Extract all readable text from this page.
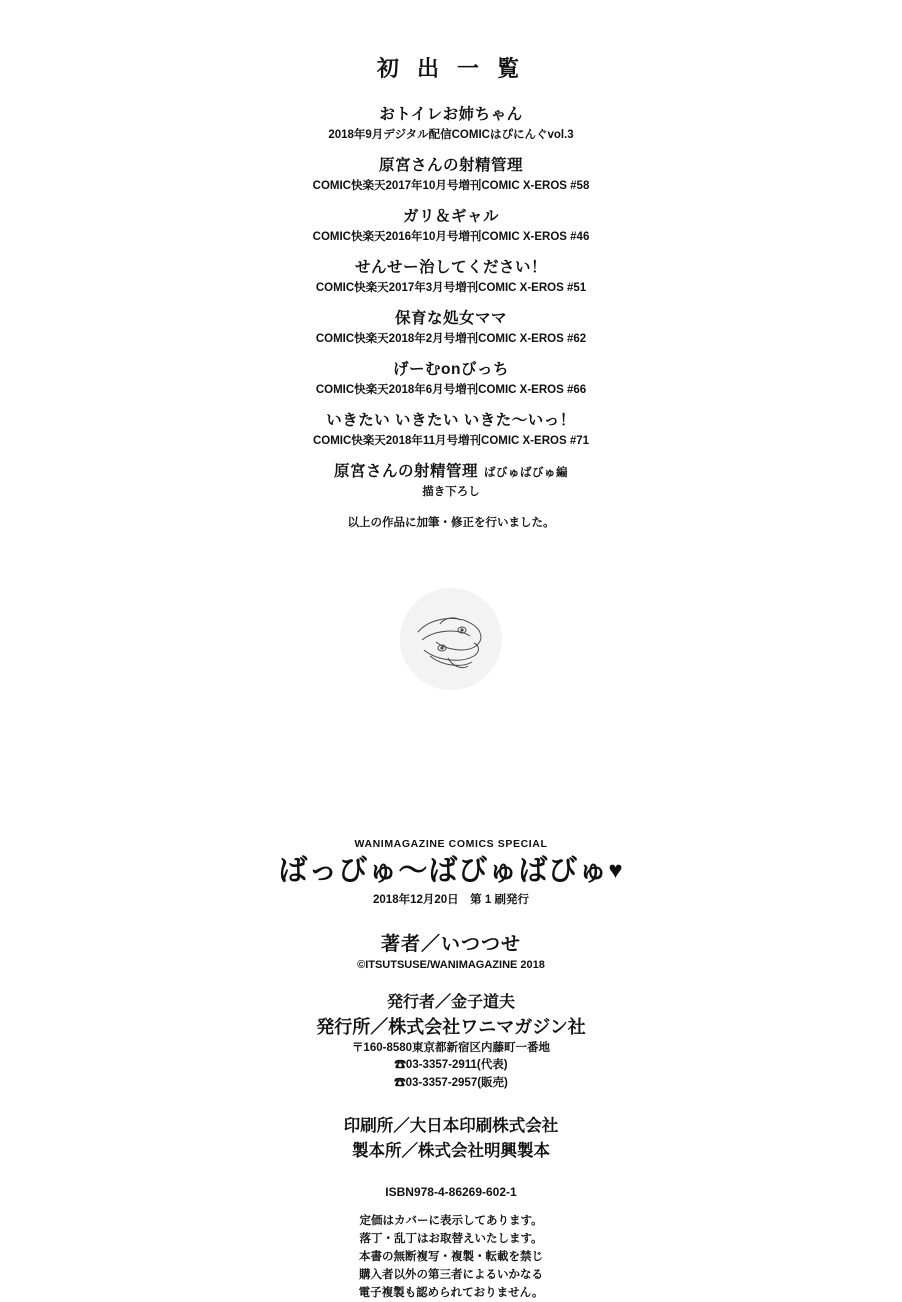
初 出 一 覧
おトイレお姉ちゃん
2018年9月デジタル配信COMICはぴにんぐvol.3
原宮さんの射精管理
COMIC快楽天2017年10月号増刊COMIC X-EROS #58
ガリ＆ギャル
COMIC快楽天2016年10月号増刊COMIC X-EROS #46
せんせー治してください！
COMIC快楽天2017年3月号増刊COMIC X-EROS #51
保育な処女ママ
COMIC快楽天2018年2月号増刊COMIC X-EROS #62
げーむonびっち
COMIC快楽天2018年6月号増刊COMIC X-EROS #66
いきたい いきたい いきた〜いっ！
COMIC快楽天2018年11月号増刊COMIC X-EROS #71
原宮さんの射精管理 ばびゅばびゅ編
描き下ろし
以上の作品に加筆・修正を行いました。
WANIMAGAZINE COMICS SPECIAL
ばっびゅ〜ばびゅばびゅ♥
2018年12月20日　第 1 刷発行
著者／いつつせ
©ITSUTSUSE/WANIMAGAZINE 2018
発行者／金子道夫
発行所／株式会社ワニマガジン社
〒160-8580東京都新宿区内藤町一番地
☎03-3357-2911(代表)
☎03-3357-2957(販売)
印刷所／大日本印刷株式会社
製本所／株式会社明興製本
ISBN978-4-86269-602-1
定価はカバーに表示してあります。
落丁・乱丁はお取替えいたします。
本書の無断複写・複製・転載を禁じ
購入者以外の第三者によるいかなる
電子複製も認められておりません。
